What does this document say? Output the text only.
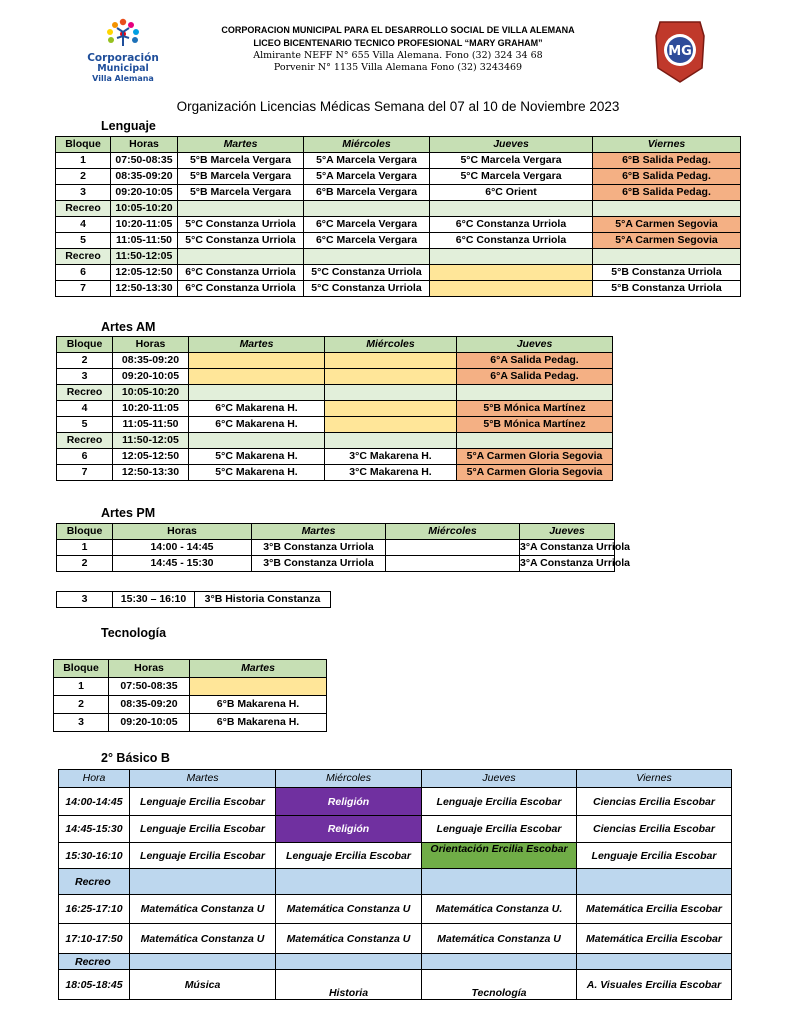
Corporación
Municipal
Villa Alemana
CORPORACION MUNICIPAL PARA EL DESARROLLO SOCIAL DE VILLA ALEMANA
LICEO BICENTENARIO TECNICO PROFESIONAL “MARY GRAHAM”
Almirante NEFF N° 655 Villa Alemana. Fono (32) 324 34 68
Porvenir N° 1135 Villa Alemana Fono (32) 3243469
MG
Organización Licencias Médicas Semana del 07 al 10 de Noviembre 2023
Lenguaje
Bloque	Horas	Martes	Miércoles	Jueves	Viernes
1	07:50-08:35	5°B Marcela Vergara	5°A Marcela Vergara	5°C Marcela Vergara	6°B Salida Pedag.
2	08:35-09:20	5°B Marcela Vergara	5°A Marcela Vergara	5°C Marcela Vergara	6°B Salida Pedag.
3	09:20-10:05	5°B Marcela Vergara	6°B Marcela Vergara	6°C Orient	6°B Salida Pedag.
Recreo	10:05-10:20				
4	10:20-11:05	5°C Constanza Urriola	6°C Marcela Vergara	6°C Constanza Urriola	5°A Carmen Segovia
5	11:05-11:50	5°C Constanza Urriola	6°C Marcela Vergara	6°C Constanza Urriola	5°A Carmen Segovia
Recreo	11:50-12:05				
6	12:05-12:50	6°C Constanza Urriola	5°C Constanza Urriola		5°B Constanza Urriola
7	12:50-13:30	6°C Constanza Urriola	5°C Constanza Urriola		5°B Constanza Urriola
Artes AM
Bloque	Horas	Martes	Miércoles	Jueves
2	08:35-09:20			6°A Salida Pedag.
3	09:20-10:05			6°A Salida Pedag.
Recreo	10:05-10:20			
4	10:20-11:05	6°C Makarena H.		5°B Mónica Martínez
5	11:05-11:50	6°C Makarena H.		5°B Mónica Martínez
Recreo	11:50-12:05			
6	12:05-12:50	5°C Makarena H.	3°C Makarena H.	5°A Carmen Gloria Segovia
7	12:50-13:30	5°C Makarena H.	3°C Makarena H.	5°A Carmen Gloria Segovia
Artes PM
Bloque	Horas	Martes	Miércoles	Jueves
1	14:00 - 14:45	3°B Constanza Urriola		3°A Constanza Urriola
2	14:45 - 15:30	3°B Constanza Urriola		3°A Constanza Urriola
3	15:30 – 16:10	3°B Historia Constanza
Tecnología
Bloque	Horas	Martes
1	07:50-08:35	
2	08:35-09:20	6°B Makarena H.
3	09:20-10:05	6°B Makarena H.
2° Básico B
Hora	Martes	Miércoles	Jueves	Viernes
14:00-14:45	Lenguaje Ercilia Escobar	Religión	Lenguaje Ercilia Escobar	Ciencias Ercilia Escobar
14:45-15:30	Lenguaje Ercilia Escobar	Religión	Lenguaje Ercilia Escobar	Ciencias Ercilia Escobar
15:30-16:10	Lenguaje Ercilia Escobar	Lenguaje Ercilia Escobar	Orientación Ercilia Escobar	Lenguaje Ercilia Escobar
Recreo				
16:25-17:10	Matemática Constanza U	Matemática Constanza U	Matemática Constanza U.	Matemática Ercilia Escobar
17:10-17:50	Matemática Constanza U	Matemática Constanza U	Matemática Constanza U	Matemática Ercilia Escobar
Recreo				
18:05-18:45	Música	Historia	Tecnología	A. Visuales Ercilia Escobar
